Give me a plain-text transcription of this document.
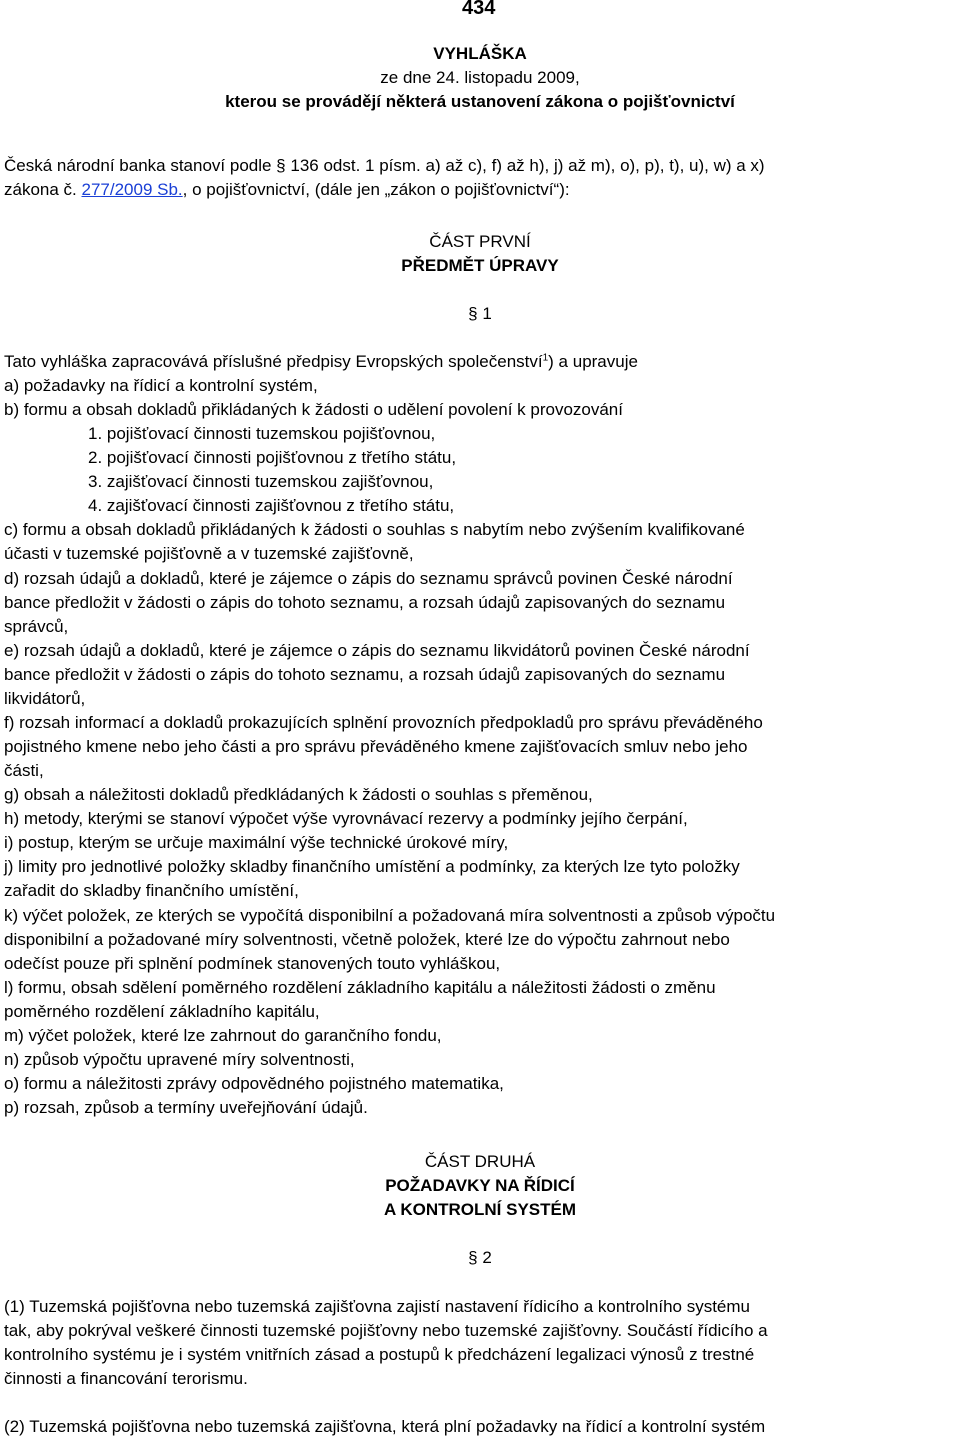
434
VYHLÁŠKA
ze dne 24. listopadu 2009,
kterou se provádějí některá ustanovení zákona o pojišťovnictví
Česká národní banka stanoví podle § 136 odst. 1 písm. a) až c), f) až h), j) až m), o), p), t), u), w) a x)
zákona č. 277/2009 Sb., o pojišťovnictví, (dále jen „zákon o pojišťovnictví“):
ČÁST PRVNÍ
PŘEDMĚT ÚPRAVY
§ 1
Tato vyhláška zapracovává příslušné předpisy Evropských společenství$^1$) a upravuje
a) požadavky na řídicí a kontrolní systém,
b) formu a obsah dokladů přikládaných k žádosti o udělení povolení k provozování
1. pojišťovací činnosti tuzemskou pojišťovnou,
2. pojišťovací činnosti pojišťovnou z třetího státu,
3. zajišťovací činnosti tuzemskou zajišťovnou,
4. zajišťovací činnosti zajišťovnou z třetího státu,
c) formu a obsah dokladů přikládaných k žádosti o souhlas s nabytím nebo zvýšením kvalifikované
účasti v tuzemské pojišťovně a v tuzemské zajišťovně,
d) rozsah údajů a dokladů, které je zájemce o zápis do seznamu správců povinen České národní
bance předložit v žádosti o zápis do tohoto seznamu, a rozsah údajů zapisovaných do seznamu
správců,
e) rozsah údajů a dokladů, které je zájemce o zápis do seznamu likvidátorů povinen České národní
bance předložit v žádosti o zápis do tohoto seznamu, a rozsah údajů zapisovaných do seznamu
likvidátorů,
f) rozsah informací a dokladů prokazujících splnění provozních předpokladů pro správu převáděného
pojistného kmene nebo jeho části a pro správu převáděného kmene zajišťovacích smluv nebo jeho
části,
g) obsah a náležitosti dokladů předkládaných k žádosti o souhlas s přeměnou,
h) metody, kterými se stanoví výpočet výše vyrovnávací rezervy a podmínky jejího čerpání,
i) postup, kterým se určuje maximální výše technické úrokové míry,
j) limity pro jednotlivé položky skladby finančního umístění a podmínky, za kterých lze tyto položky
zařadit do skladby finančního umístění,
k) výčet položek, ze kterých se vypočítá disponibilní a požadovaná míra solventnosti a způsob výpočtu
disponibilní a požadované míry solventnosti, včetně položek, které lze do výpočtu zahrnout nebo
odečíst pouze při splnění podmínek stanovených touto vyhláškou,
l) formu, obsah sdělení poměrného rozdělení základního kapitálu a náležitosti žádosti o změnu
poměrného rozdělení základního kapitálu,
m) výčet položek, které lze zahrnout do garančního fondu,
n) způsob výpočtu upravené míry solventnosti,
o) formu a náležitosti zprávy odpovědného pojistného matematika,
p) rozsah, způsob a termíny uveřejňování údajů.
ČÁST DRUHÁ
POŽADAVKY NA ŘÍDICÍ
A KONTROLNÍ SYSTÉM
§ 2
(1) Tuzemská pojišťovna nebo tuzemská zajišťovna zajistí nastavení řídicího a kontrolního systému
tak, aby pokrýval veškeré činnosti tuzemské pojišťovny nebo tuzemské zajišťovny. Součástí řídicího a
kontrolního systému je i systém vnitřních zásad a postupů k předcházení legalizaci výnosů z trestné
činnosti a financování terorismu.
(2) Tuzemská pojišťovna nebo tuzemská zajišťovna, která plní požadavky na řídicí a kontrolní systém
